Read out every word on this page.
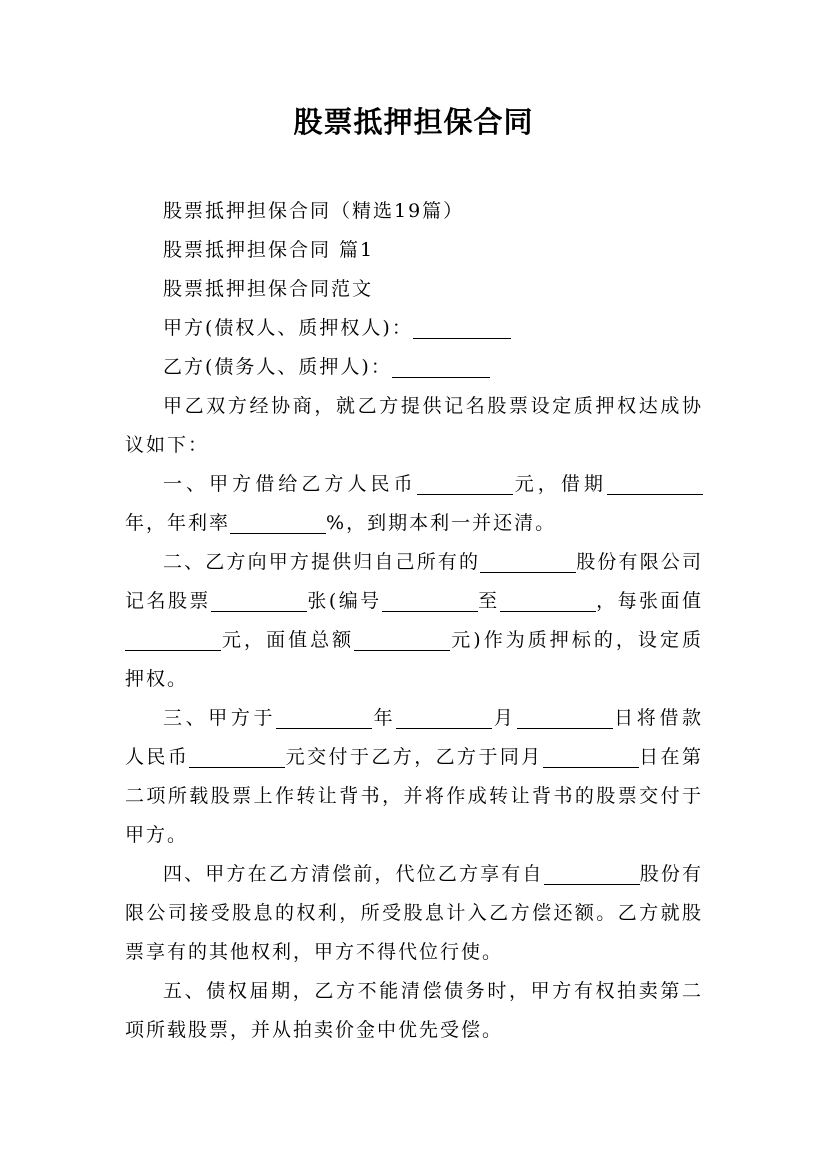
股票抵押担保合同

股票抵押担保合同（精选19篇）

股票抵押担保合同 篇1

股票抵押担保合同范文

甲方(债权人、质押权人)：

乙方(债务人、质押人)：

甲乙双方经协商，就乙方提供记名股票设定质押权达成协议如下：

一、甲方借给乙方人民币	元，借期年，年利率	%，到期本利一并还清。

二、乙方向甲方提供归自己所有的	股份有限公司记名股票	张(编号	至	，每张面值元，面值总额	元)作为质押标的，设定质押权。

三、甲方于	年	月	日将借款人民币	元交付于乙方，乙方于同月	日在第二项所载股票上作转让背书，并将作成转让背书的股票交付于甲方。

四、甲方在乙方清偿前，代位乙方享有自	股份有限公司接受股息的权利，所受股息计入乙方偿还额。乙方就股票享有的其他权利，甲方不得代位行使。

五、债权届期，乙方不能清偿债务时，甲方有权拍卖第二项所载股票，并从拍卖价金中优先受偿。
